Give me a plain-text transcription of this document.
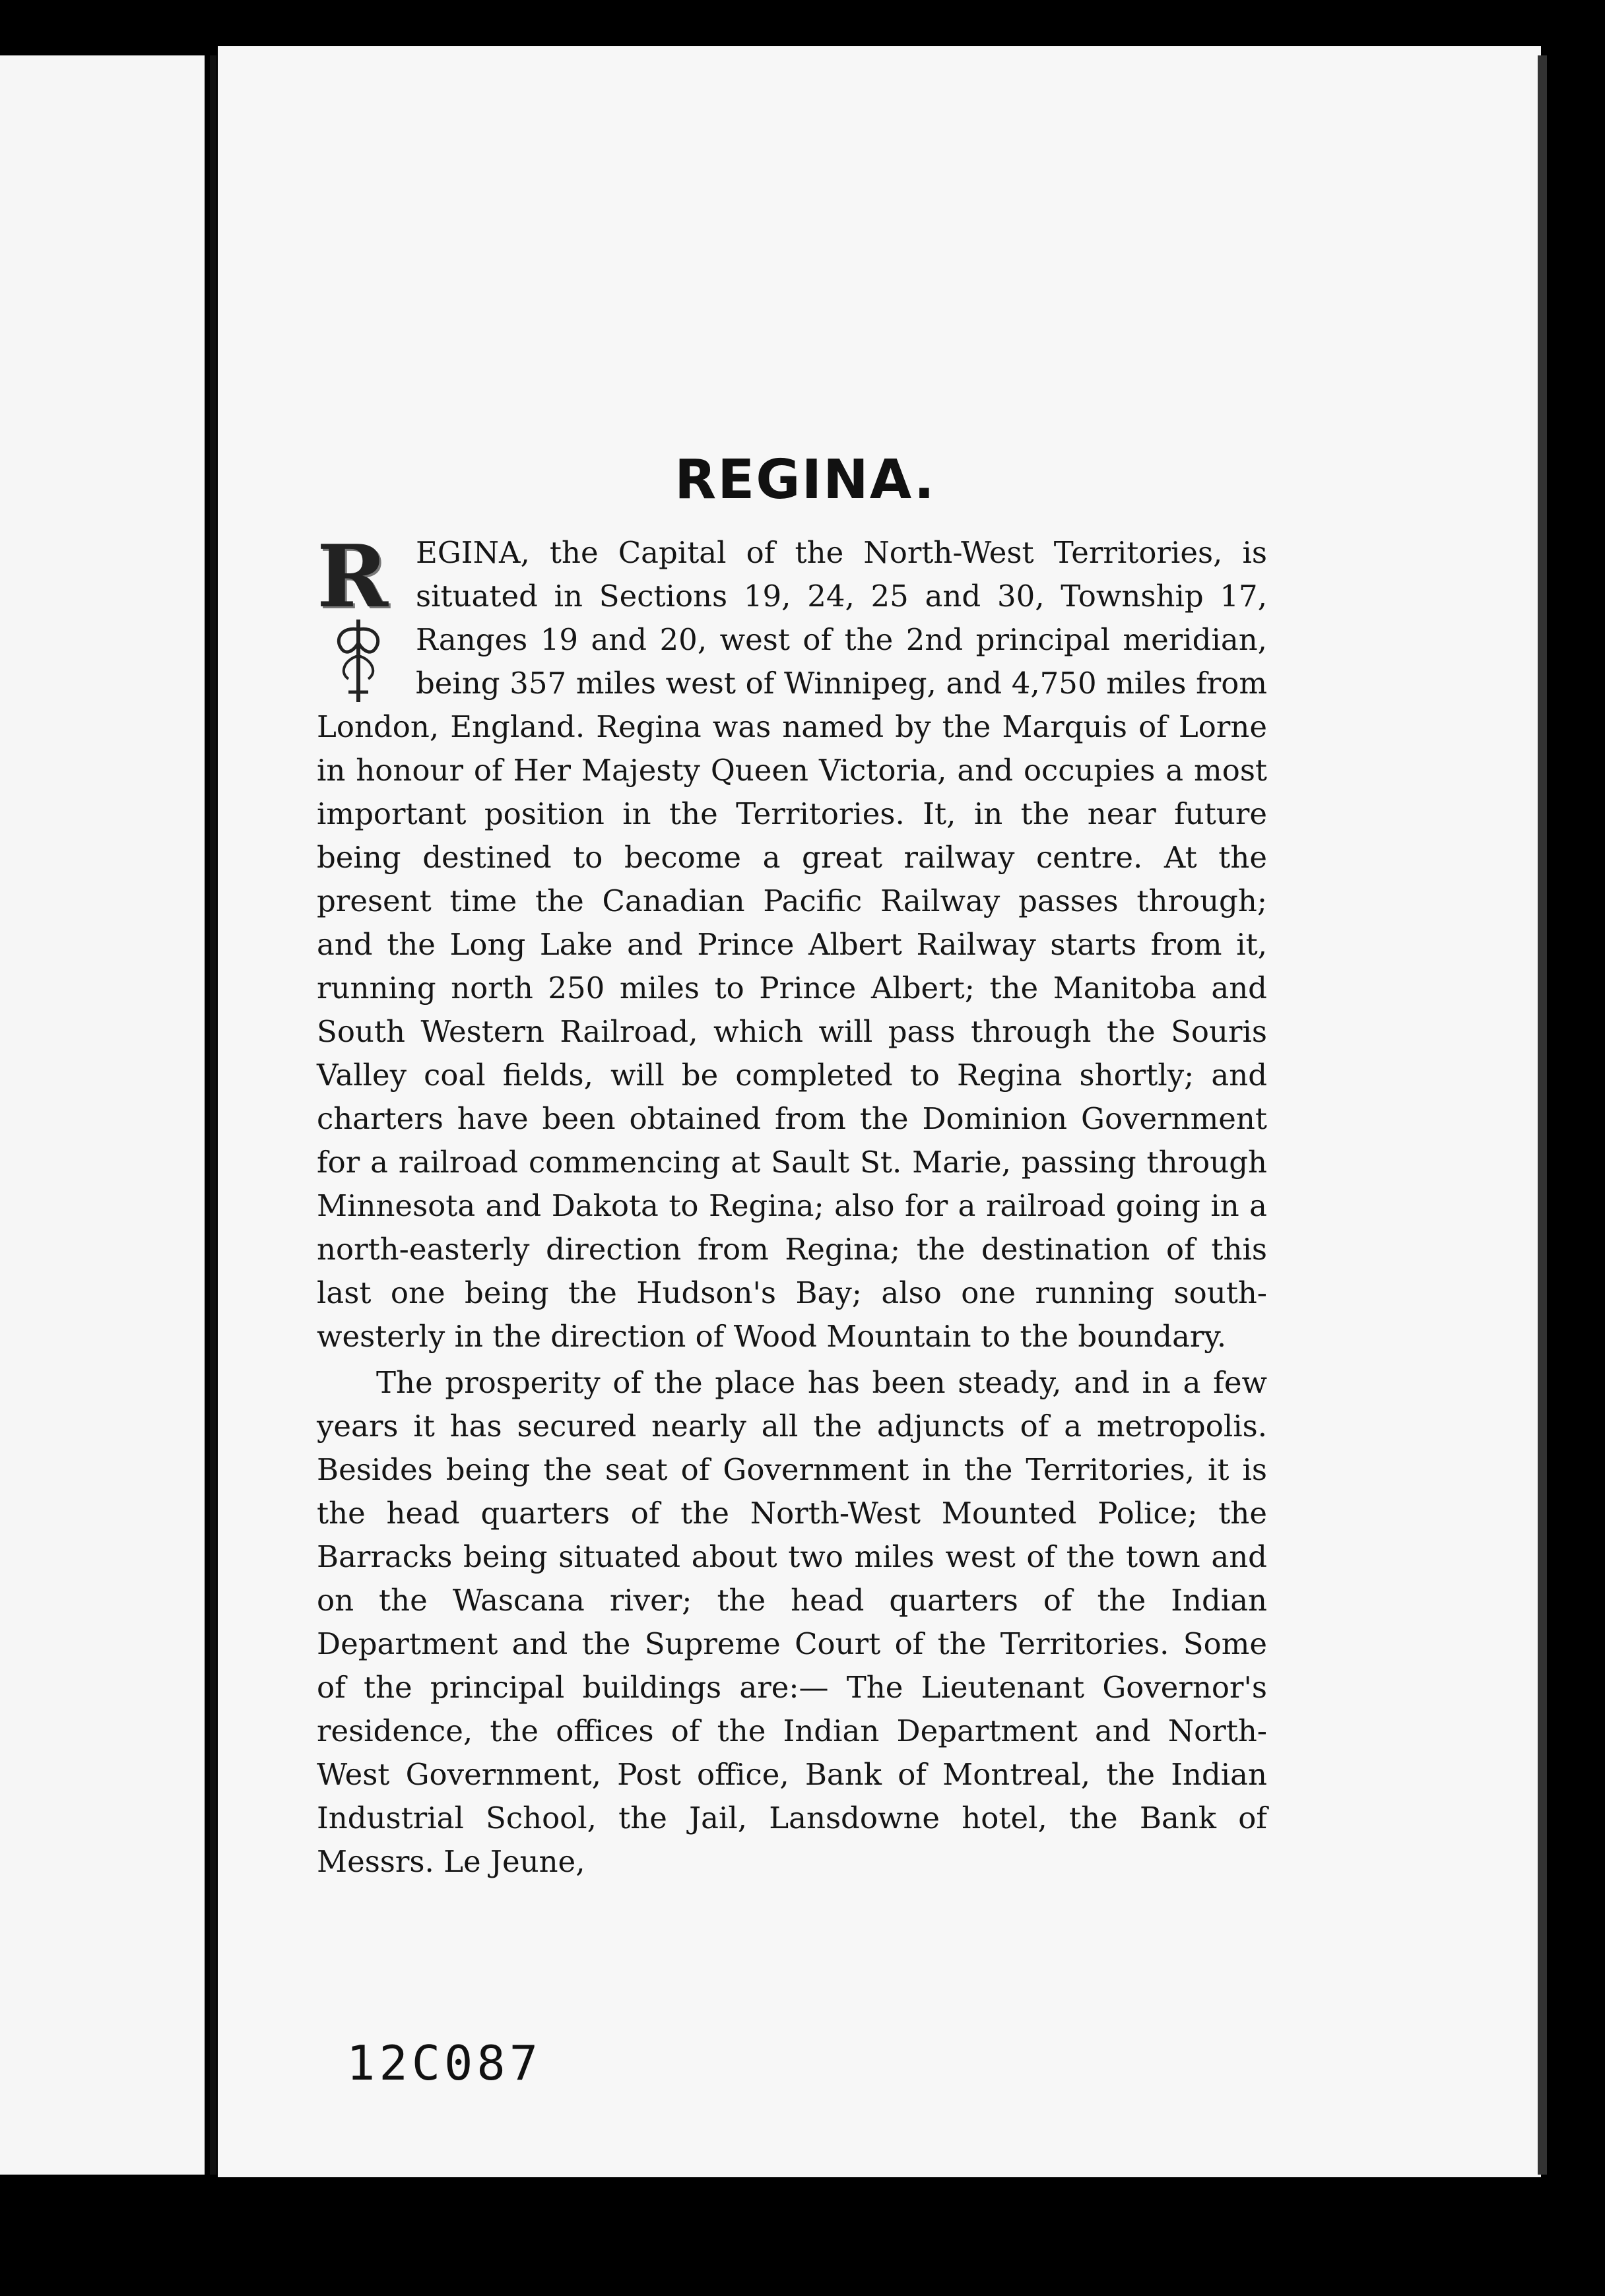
REGINA.
R EGINA, the Capital of the North-West Territories, is situated in Sections 19, 24, 25 and 30, Township 17, Ranges 19 and 20, west of the 2nd principal meridian, being 357 miles west of Winnipeg, and 4,750 miles from London, England. Regina was named by the Marquis of Lorne in honour of Her Majesty Queen Victoria, and occupies a most important position in the Territories. It, in the near future being destined to become a great railway centre. At the present time the Canadian Pacific Railway passes through; and the Long Lake and Prince Albert Railway starts from it, running north 250 miles to Prince Albert; the Manitoba and South Western Railroad, which will pass through the Souris Valley coal fields, will be completed to Regina shortly; and charters have been obtained from the Dominion Government for a railroad commencing at Sault St. Marie, passing through Minnesota and Dakota to Regina; also for a railroad going in a north-easterly direction from Regina; the destination of this last one being the Hudson's Bay; also one running south-westerly in the direction of Wood Mountain to the boundary.

The prosperity of the place has been steady, and in a few years it has secured nearly all the adjuncts of a metropolis. Besides being the seat of Government in the Territories, it is the head quarters of the North-West Mounted Police; the Barracks being situated about two miles west of the town and on the Wascana river; the head quarters of the Indian Department and the Supreme Court of the Territories. Some of the principal buildings are:— The Lieutenant Governor's residence, the offices of the Indian Department and North-West Government, Post office, Bank of Montreal, the Indian Industrial School, the Jail, Lansdowne hotel, the Bank of Messrs. Le Jeune,

12C087
